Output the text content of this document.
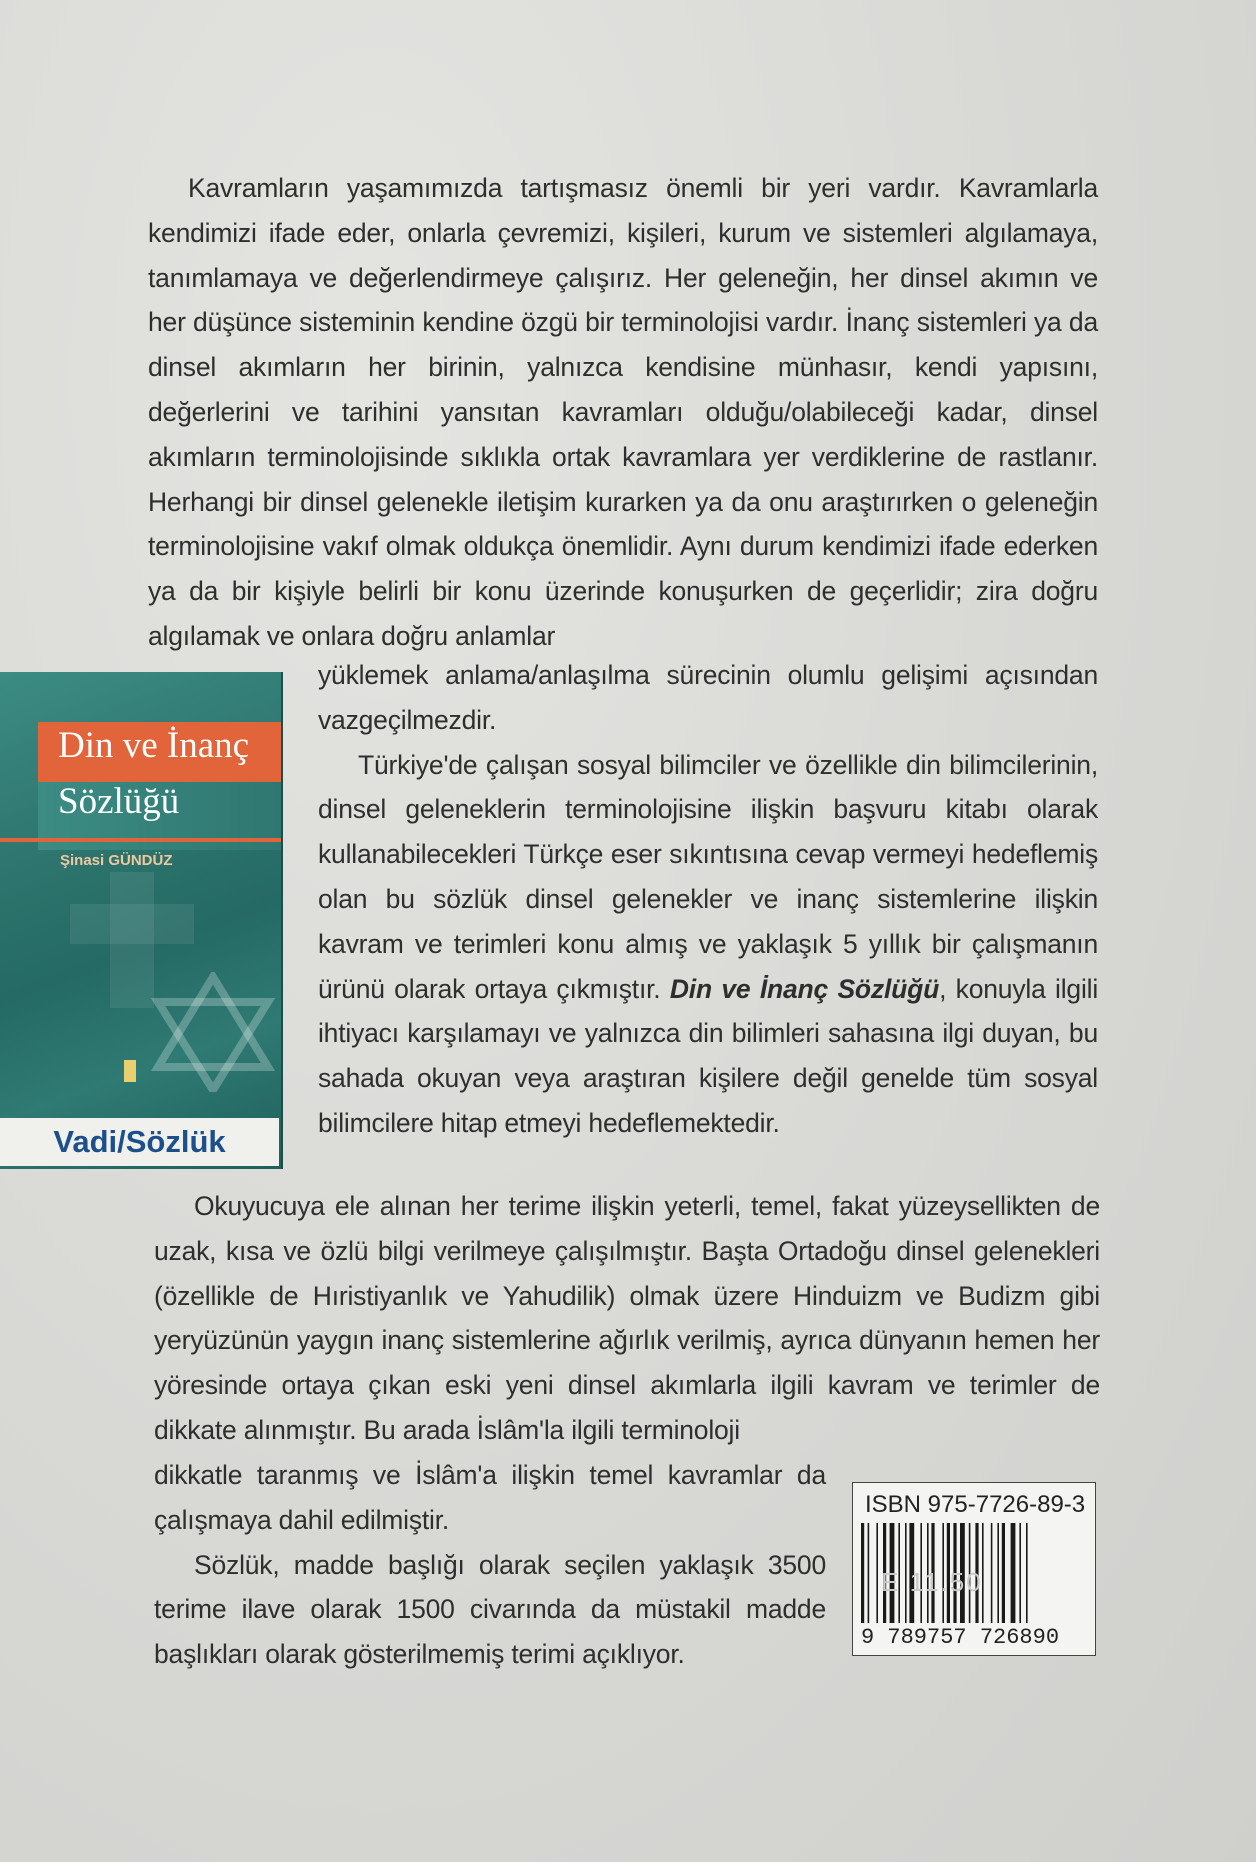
Kavramların yaşamımızda tartışmasız önemli bir yeri vardır. Kavramlarla kendimizi ifade eder, onlarla çevremizi, kişileri, kurum ve sistemleri algılamaya, tanımlamaya ve değerlendirmeye çalışırız. Her geleneğin, her dinsel akımın ve her düşünce sisteminin kendine özgü bir terminolojisi vardır. İnanç sistemleri ya da dinsel akımların her birinin, yalnızca kendisine münhasır, kendi yapısını, değerlerini ve tarihini yansıtan kavramları olduğu/olabileceği kadar, dinsel akımların terminolojisinde sıklıkla ortak kavramlara yer verdiklerine de rastlanır. Herhangi bir dinsel gelenekle iletişim kurarken ya da onu araştırırken o geleneğin terminolojisine vakıf olmak oldukça önemlidir. Aynı durum kendimizi ifade ederken ya da bir kişiyle belirli bir konu üzerinde konuşurken de geçerlidir; zira doğru algılamak ve onlara doğru anlamlar

yüklemek anlama/anlaşılma sürecinin olumlu gelişimi açısından vazgeçilmezdir.

Türkiye'de çalışan sosyal bilimciler ve özellikle din bilimcilerinin, dinsel geleneklerin terminolojisine ilişkin başvuru kitabı olarak kullanabilecekleri Türkçe eser sıkıntısına cevap vermeyi hedeflemiş olan bu sözlük dinsel gelenekler ve inanç sistemlerine ilişkin kavram ve terimleri konu almış ve yaklaşık 5 yıllık bir çalışmanın ürünü olarak ortaya çıkmıştır. Din ve İnanç Sözlüğü, konuyla ilgili ihtiyacı karşılamayı ve yalnızca din bilimleri sahasına ilgi duyan, bu sahada okuyan veya araştıran kişilere değil genelde tüm sosyal bilimcilere hitap etmeyi hedeflemektedir.

Okuyucuya ele alınan her terime ilişkin yeterli, temel, fakat yüzeysellikten de uzak, kısa ve özlü bilgi verilmeye çalışılmıştır. Başta Ortadoğu dinsel gelenekleri (özellikle de Hıristiyanlık ve Yahudilik) olmak üzere Hinduizm ve Budizm gibi yeryüzünün yaygın inanç sistemlerine ağırlık verilmiş, ayrıca dünyanın hemen her yöresinde ortaya çıkan eski yeni dinsel akımlarla ilgili kavram ve terimler de dikkate alınmıştır. Bu arada İslâm'la ilgili terminoloji

dikkatle taranmış ve İslâm'a ilişkin temel kavramlar da çalışmaya dahil edilmiştir.

Sözlük, madde başlığı olarak seçilen yaklaşık 3500 terime ilave olarak 1500 civarında da müstakil madde başlıkları olarak gösterilmemiş terimi açıklıyor.

Din ve İnanç
Sözlüğü
Şinasi GÜNDÜZ
Vadi/Sözlük
ISBN 975-7726-89-3
E 11.50
9 789757 726890
